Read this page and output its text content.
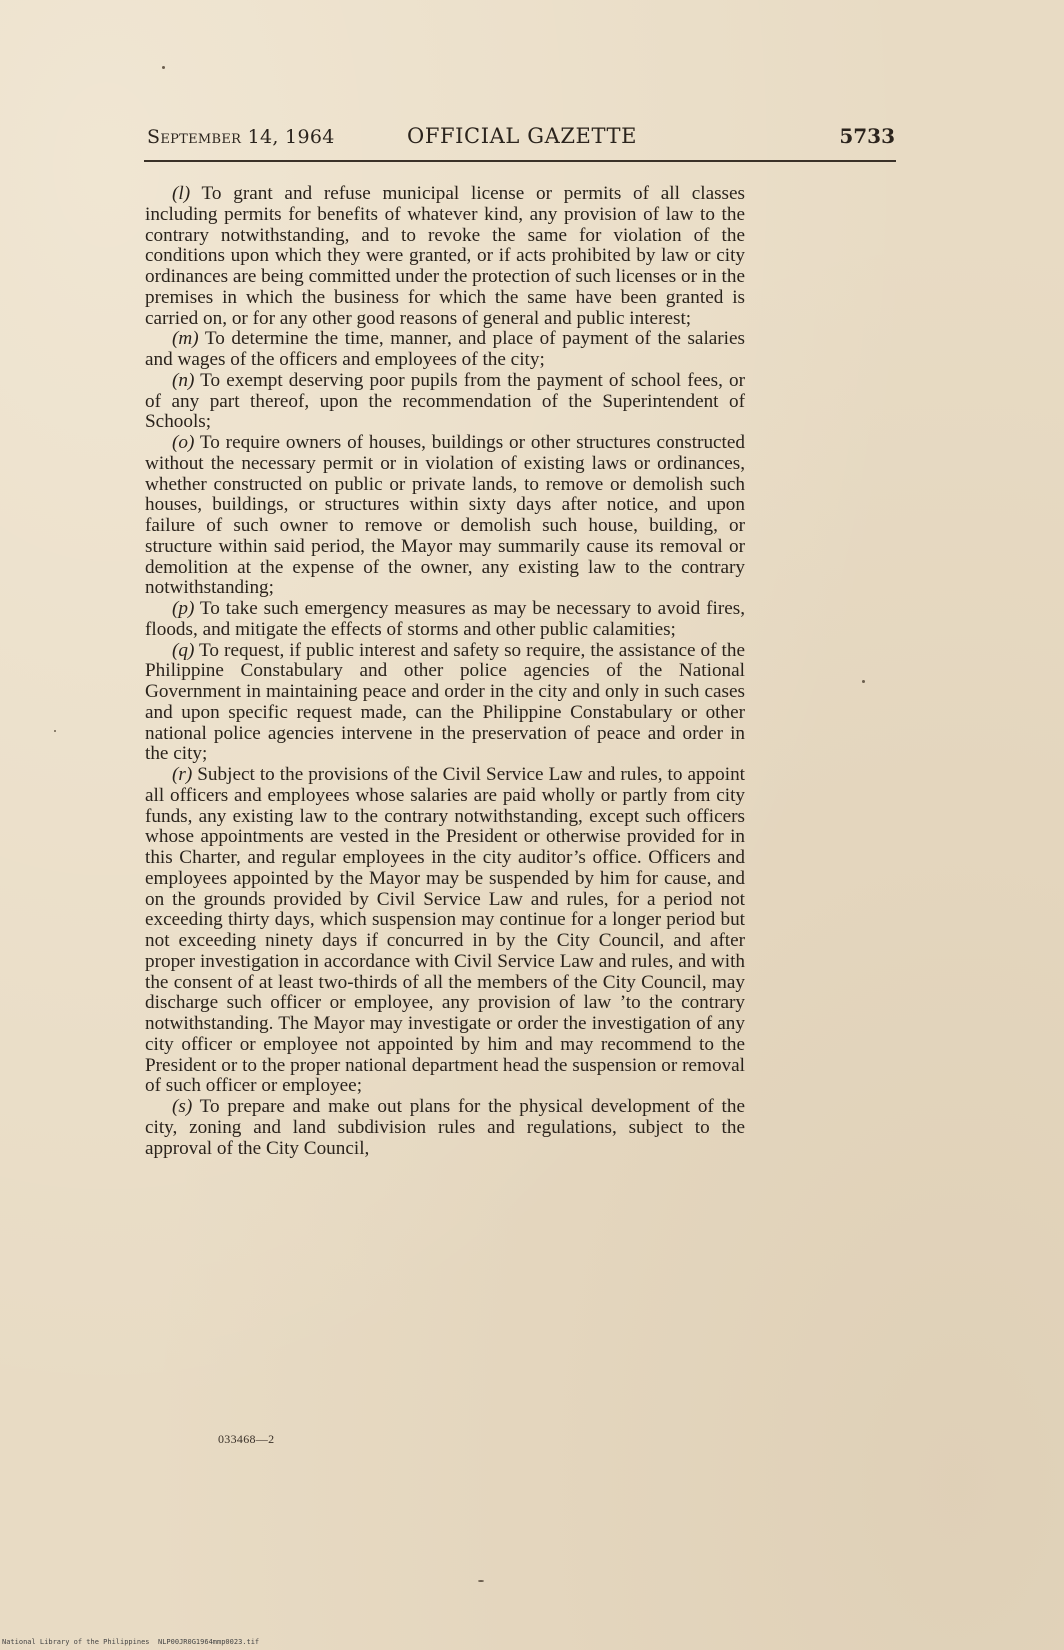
September 14, 1964	OFFICIAL GAZETTE	5733

(l) To grant and refuse municipal license or permits of all classes including permits for benefits of whatever kind, any provision of law to the contrary notwithstanding, and to revoke the same for violation of the conditions upon which they were granted, or if acts prohibited by law or city ordinances are being committed under the protection of such licenses or in the premises in which the business for which the same have been granted is carried on, or for any other good reasons of general and public interest;

(m) To determine the time, manner, and place of payment of the salaries and wages of the officers and employees of the city;

(n) To exempt deserving poor pupils from the payment of school fees, or of any part thereof, upon the recommendation of the Superintendent of Schools;

(o) To require owners of houses, buildings or other structures constructed without the necessary permit or in violation of existing laws or ordinances, whether constructed on public or private lands, to remove or demolish such houses, buildings, or structures within sixty days after notice, and upon failure of such owner to remove or demolish such house, building, or structure within said period, the Mayor may summarily cause its removal or demolition at the expense of the owner, any existing law to the contrary notwithstanding;

(p) To take such emergency measures as may be necessary to avoid fires, floods, and mitigate the effects of storms and other public calamities;

(q) To request, if public interest and safety so require, the assistance of the Philippine Constabulary and other police agencies of the National Government in maintaining peace and order in the city and only in such cases and upon specific request made, can the Philippine Constabulary or other national police agencies intervene in the preservation of peace and order in the city;

(r) Subject to the provisions of the Civil Service Law and rules, to appoint all officers and employees whose salaries are paid wholly or partly from city funds, any existing law to the contrary notwithstanding, except such officers whose appointments are vested in the President or otherwise provided for in this Charter, and regular employees in the city auditor’s office. Officers and employees appointed by the Mayor may be suspended by him for cause, and on the grounds provided by Civil Service Law and rules, for a period not exceeding thirty days, which suspension may continue for a longer period but not exceeding ninety days if concurred in by the City Council, and after proper investigation in accordance with Civil Service Law and rules, and with the consent of at least two-thirds of all the members of the City Council, may discharge such officer or employee, any provision of law ’to the contrary notwithstanding. The Mayor may investigate or order the investigation of any city officer or employee not appointed by him and may recommend to the President or to the proper national department head the suspension or removal of such officer or employee;

(s) To prepare and make out plans for the physical development of the city, zoning and land subdivision rules and regulations, subject to the approval of the City Council,

033468—2
National Library of the Philippines NLP00JR0G1964mmp0023.tif
